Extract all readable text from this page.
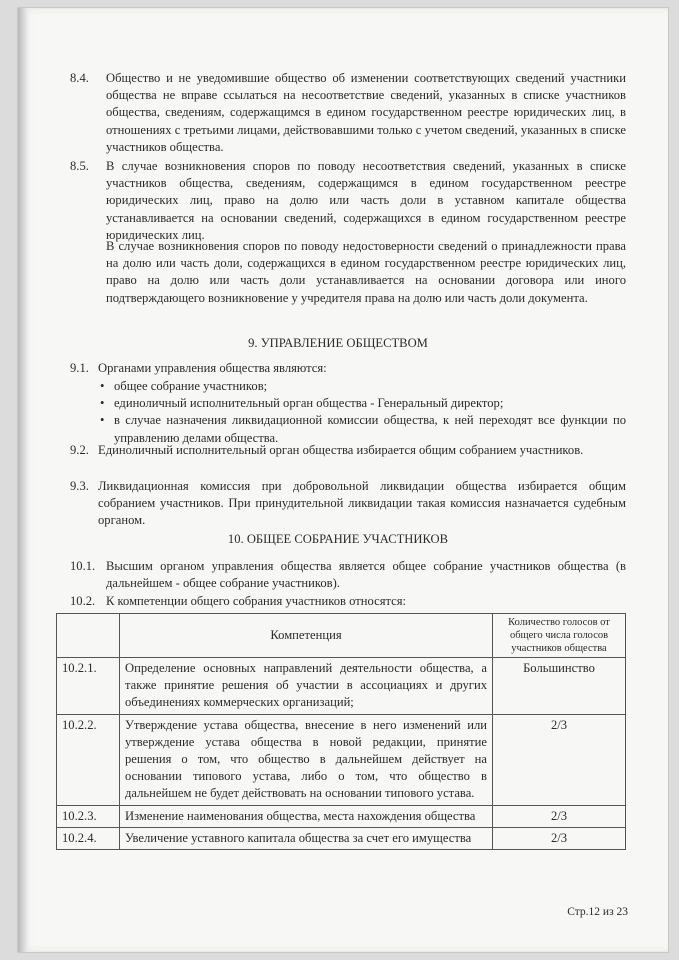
8.4. Общество и не уведомившие общество об изменении соответствующих сведений участники общества не вправе ссылаться на несоответствие сведений, указанных в списке участников общества, сведениям, содержащимся в едином государственном реестре юридических лиц, в отношениях с третьими лицами, действовавшими только с учетом сведений, указанных в списке участников общества.
8.5. В случае возникновения споров по поводу несоответствия сведений, указанных в списке участников общества, сведениям, содержащимся в едином государственном реестре юридических лиц, право на долю или часть доли в уставном капитале общества устанавливается на основании сведений, содержащихся в едином государственном реестре юридических лиц.
В случае возникновения споров по поводу недостоверности сведений о принадлежности права на долю или часть доли, содержащихся в едином государственном реестре юридических лиц, право на долю или часть доли устанавливается на основании договора или иного подтверждающего возникновение у учредителя права на долю или часть доли документа.
9. УПРАВЛЕНИЕ ОБЩЕСТВОМ
9.1. Органами управления общества являются:
• общее собрание участников;
• единоличный исполнительный орган общества - Генеральный директор;
• в случае назначения ликвидационной комиссии общества, к ней переходят все функции по управлению делами общества.
9.2. Единоличный исполнительный орган общества избирается общим собранием участников.
9.3. Ликвидационная комиссия при добровольной ликвидации общества избирается общим собранием участников. При принудительной ликвидации такая комиссия назначается судебным органом.
10. ОБЩЕЕ СОБРАНИЕ УЧАСТНИКОВ
10.1. Высшим органом управления общества является общее собрание участников общества (в дальнейшем - общее собрание участников).
10.2. К компетенции общего собрания участников относятся:
	Компетенция	Количество голосов от общего числа голосов участников общества
10.2.1.	Определение основных направлений деятельности общества, а также принятие решения об участии в ассоциациях и других объединениях коммерческих организаций;	Большинство
10.2.2.	Утверждение устава общества, внесение в него изменений или утверждение устава общества в новой редакции, принятие решения о том, что общество в дальнейшем действует на основании типового устава, либо о том, что общество в дальнейшем не будет действовать на основании типового устава.	2/3
10.2.3.	Изменение наименования общества, места нахождения общества	2/3
10.2.4.	Увеличение уставного капитала общества за счет его имущества	2/3
Стр.12 из 23
